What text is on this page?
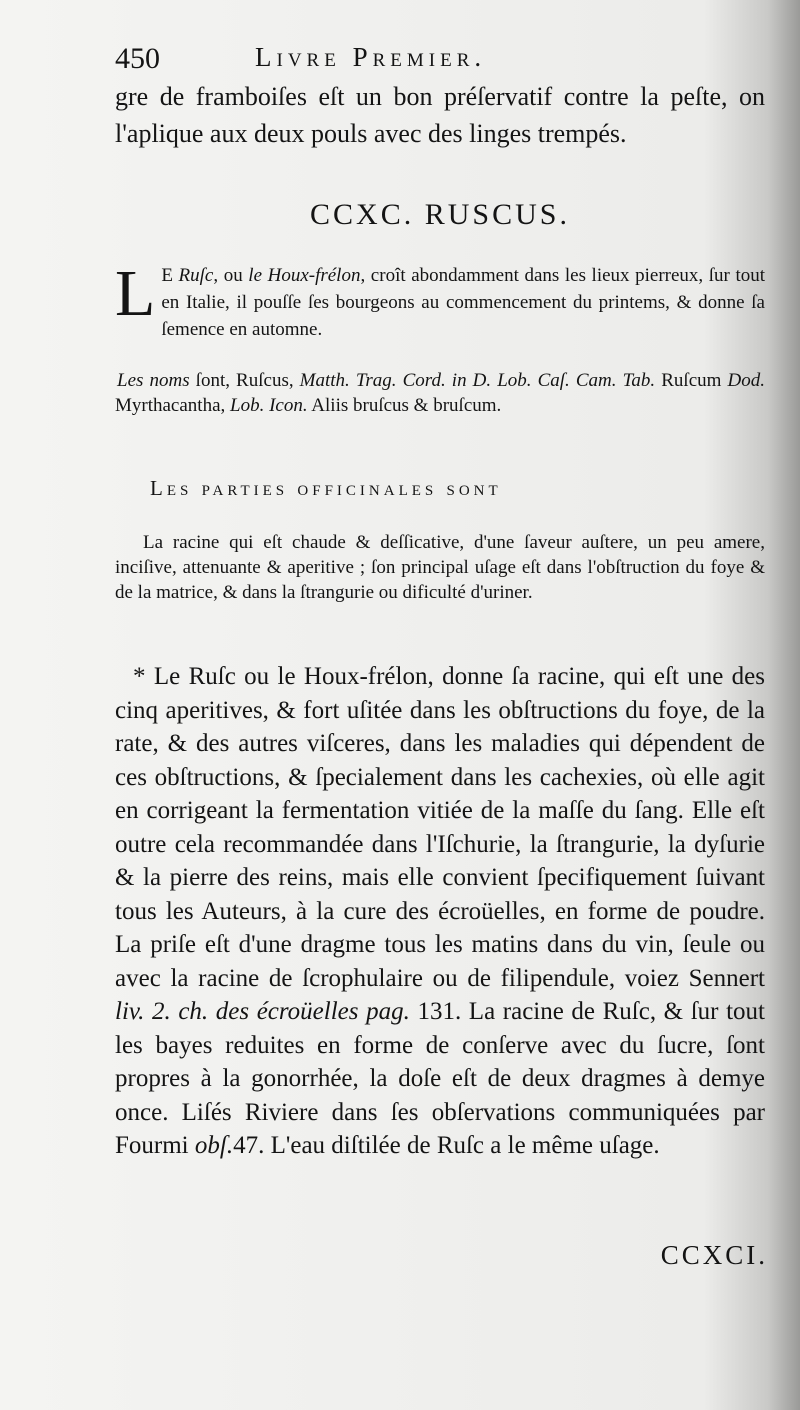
450	Livre Premier.

gre de framboiſes eſt un bon préſervatif contre la peſte, on l'aplique aux deux pouls avec des linges trempés.

CCXC. RUSCUS.

L E Ruſc, ou le Houx-frélon, croît abondamment dans les lieux pierreux, ſur tout en Italie, il pouſſe ſes bourgeons au commencement du printems, & donne ſa ſemence en automne.

Les noms ſont, Ruſcus, Matth. Trag. Cord. in D. Lob. Caſ. Cam. Tab. Ruſcum Dod. Myrthacantha, Lob. Icon. Aliis bruſcus & bruſcum.

Les parties officinales sont

La racine qui eſt chaude & deſſicative, d'une ſaveur auſtere, un peu amere, inciſive, attenuante & aperitive ; ſon principal uſage eſt dans l'obſtruction du foye & de la matrice, & dans la ſtrangurie ou dificulté d'uriner.

* Le Ruſc ou le Houx-frélon, donne ſa racine, qui eſt une des cinq aperitives, & fort uſitée dans les obſtructions du foye, de la rate, & des autres viſceres, dans les maladies qui dépendent de ces obſtructions, & ſpecialement dans les cachexies, où elle agit en corrigeant la fermentation vitiée de la maſſe du ſang. Elle eſt outre cela recommandée dans l'Iſchurie, la ſtrangurie, la dyſurie & la pierre des reins, mais elle convient ſpecifiquement ſuivant tous les Auteurs, à la cure des écroüelles, en forme de poudre. La priſe eſt d'une dragme tous les matins dans du vin, ſeule ou avec la racine de ſcrophulaire ou de filipendule, voiez Sennert liv. 2. ch. des écroüelles pag. 131. La racine de Ruſc, & ſur tout les bayes reduites en forme de conſerve avec du ſucre, ſont propres à la gonorrhée, la doſe eſt de deux dragmes à demye once. Liſés Riviere dans ſes obſervations communiquées par Fourmi obſ.47. L'eau diſtilée de Ruſc a le même uſage.

CCXCI.
